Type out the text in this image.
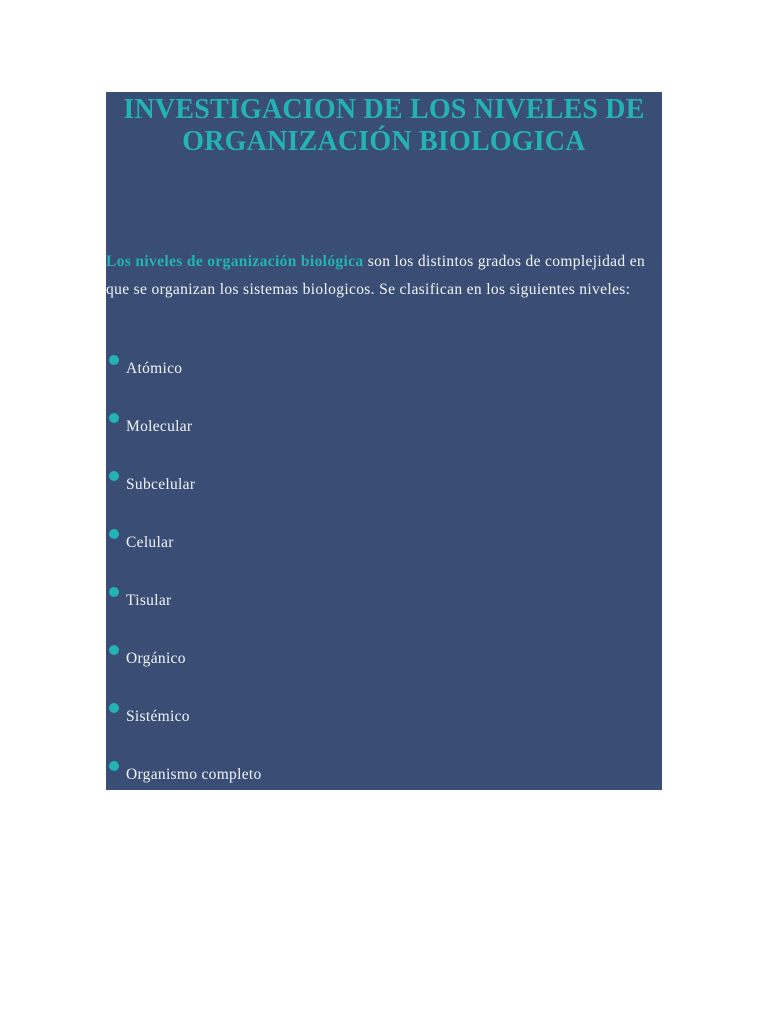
INVESTIGACION DE LOS NIVELES DE
ORGANIZACIÓN BIOLOGICA

Los niveles de organización biológica son los distintos grados de complejidad en que se organizan los sistemas biologicos. Se clasifican en los siguientes niveles:

Atómico
Molecular
Subcelular
Celular
Tisular
Orgánico
Sistémico
Organismo completo
